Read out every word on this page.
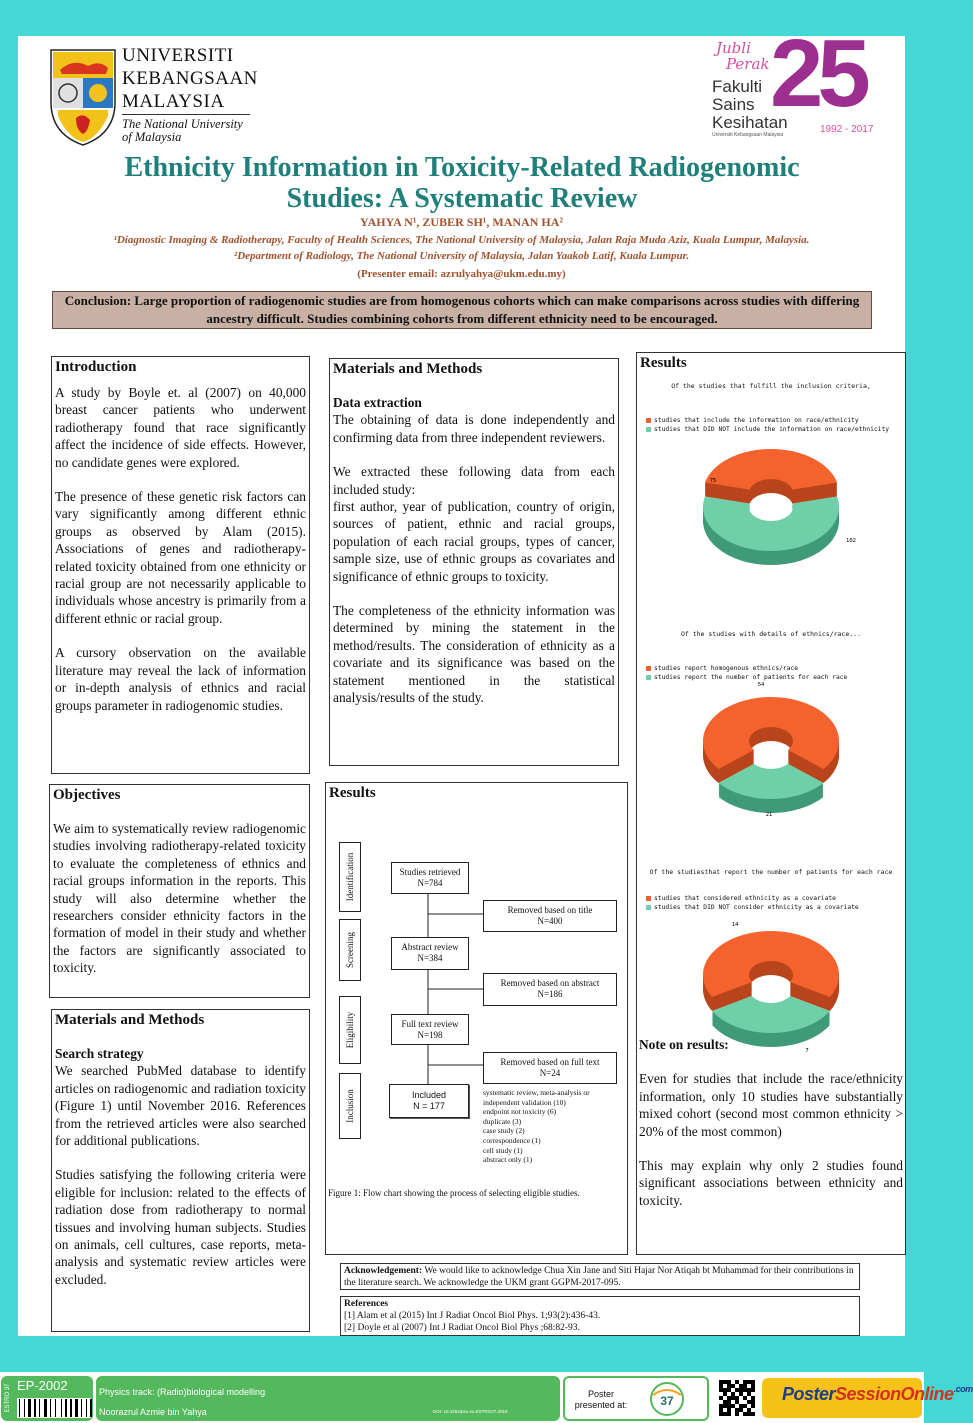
UNIVERSITI
KEBANGSAAN
MALAYSIA
The National University
of Malaysia
Jubli
Perak 25
Fakulti
Sains
Kesihatan
Universiti Kebangsaan Malaysia	1992 - 2017
Ethnicity Information in Toxicity-Related Radiogenomic
Studies: A Systematic Review
YAHYA N¹, ZUBER SH¹, MANAN HA²
¹Diagnostic Imaging & Radiotherapy, Faculty of Health Sciences, The National University of Malaysia, Jalan Raja Muda Aziz, Kuala Lumpur, Malaysia.
²Department of Radiology, The National University of Malaysia, Jalan Yaakob Latif, Kuala Lumpur.
(Presenter email: azrulyahya@ukm.edu.my)
Conclusion: Large proportion of radiogenomic studies are from homogenous cohorts which can make comparisons across studies with differing ancestry difficult. Studies combining cohorts from different ethnicity need to be encouraged.
Introduction

A study by Boyle et. al (2007) on 40,000 breast cancer patients who underwent radiotherapy found that race significantly affect the incidence of side effects. However, no candidate genes were explored.

The presence of these genetic risk factors can vary significantly among different ethnic groups as observed by Alam (2015). Associations of genes and radiotherapy-related toxicity obtained from one ethnicity or racial group are not necessarily applicable to individuals whose ancestry is primarily from a different ethnic or racial group.

A cursory observation on the available literature may reveal the lack of information or in-depth analysis of ethnics and racial groups parameter in radiogenomic studies.

Objectives

We aim to systematically review radiogenomic studies involving radiotherapy-related toxicity to evaluate the completeness of ethnics and racial groups information in the reports. This study will also determine whether the researchers consider ethnicity factors in the formation of model in their study and whether the factors are significantly associated to toxicity.

Materials and Methods
Search strategy

We searched PubMed database to identify articles on radiogenomic and radiation toxicity (Figure 1) until November 2016. References from the retrieved articles were also searched for additional publications.

Studies satisfying the following criteria were eligible for inclusion: related to the effects of radiation dose from radiotherapy to normal tissues and involving human subjects. Studies on animals, cell cultures, case reports, meta- analysis and systematic review articles were excluded.

Materials and Methods
Data extraction

The obtaining of data is done independently and confirming data from three independent reviewers.

We extracted these following data from each included study:

first author, year of publication, country of origin, sources of patient, ethnic and racial groups, population of each racial groups, types of cancer, sample size, use of ethnic groups as covariates and significance of ethnic groups to toxicity.

The completeness of the ethnicity information was determined by mining the statement in the method/results. The consideration of ethnicity as a covariate and its significance was based on the statement mentioned in the statistical analysis/results of the study.

Results
Identification
Screening
Eligibility
Inclusion
Studies retrieved
N=784
Removed based on title
N=400
Abstract review
N=384
Removed based on abstract
N=186
Full text review
N=198
Removed based on full text
N=24
Included
N = 177
systematic review, meta-analysis or
independent validation (10)
endpoint not toxicity (6)
duplicate (3)
case study (2)
correspondence (1)
cell study (1)
abstract only (1)
Figure 1: Flow chart showing the process of selecting eligible studies.
Results
Of the studies that fulfill the inclusion criteria,
studies that include the information on race/ethnicity
studies that DID NOT include the information on race/ethnicity
75
102
Of the studies with details of ethnics/race...
studies report homogenous ethnics/race
studies report the number of patients for each race
54
21
Of the studiesthat report the number of patients for each race
studies that considered ethnicity as a covariate
studies that DID NOT consider ethnicity as a covariate
14
7
Note on results:
Even for studies that include the race/ethnicity information, only 10 studies have substantially mixed cohort (second most common ethnicity > 20% of the most common)
This may explain why only 2 studies found significant associations between ethnicity and toxicity.
Acknowledgement: We would like to acknowledge Chua Xin Jane and Siti Hajar Nor Atiqah bt Muhammad for their contributions in the literature search. We acknowledge the UKM grant GGPM-2017-095.
References
[1] Alam et al (2015) Int J Radiat Oncol Biol Phys. 1;93(2):436-43.
[2] Doyle et al (2007) Int J Radiat Oncol Biol Phys ;68:82-93.
ESTRO 37 EP-2002	Physics track: (Radio)biological modelling
Noorazrul Azmie bin Yahya	DOI: 10.3252/pso.eu.ESTRO37.2018
Poster
presented at:	37	PosterSessionOnline$^{.com}$
